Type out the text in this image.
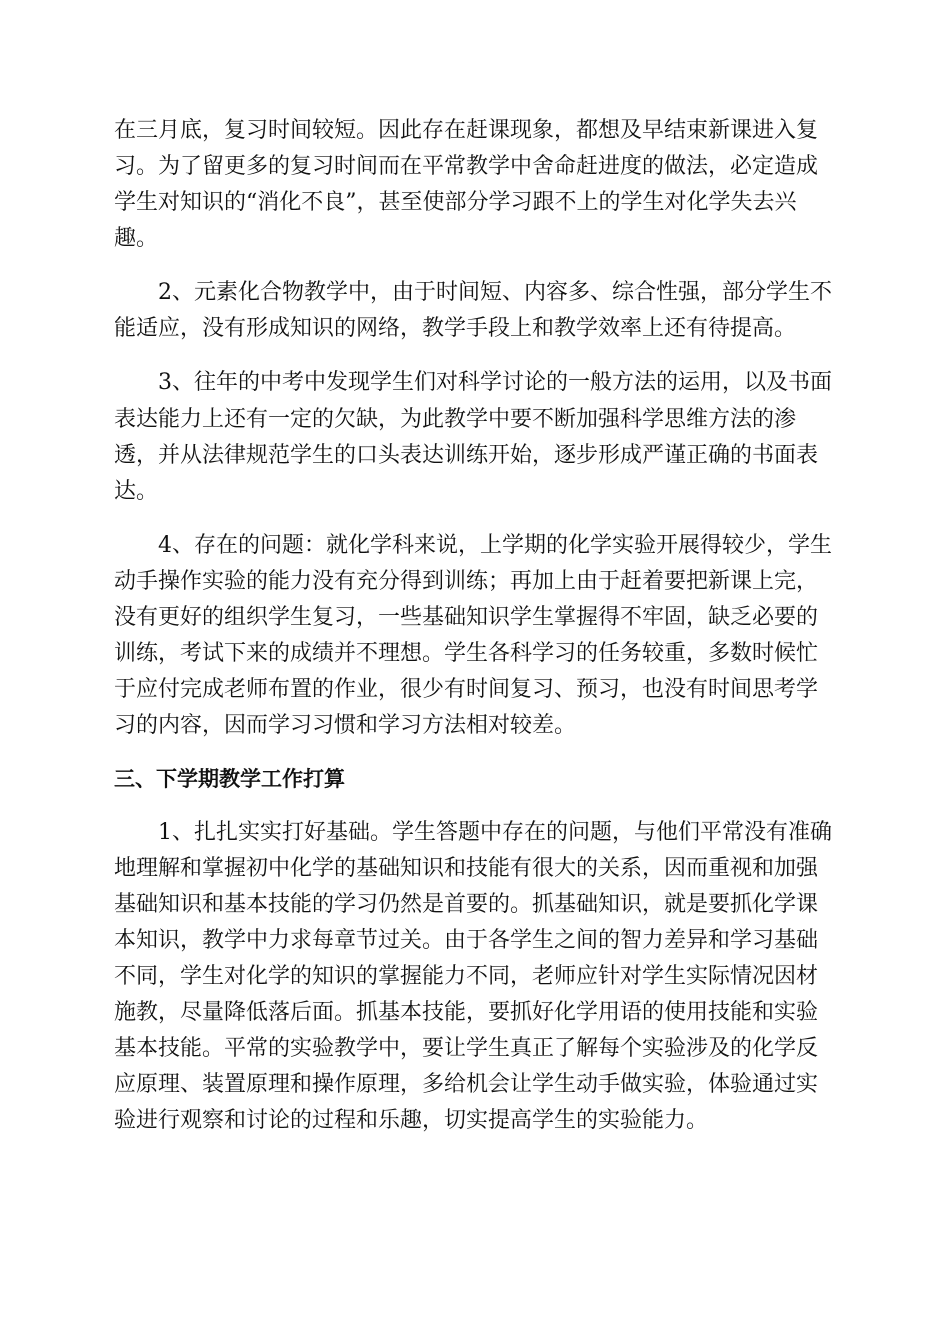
在三月底，复习时间较短。因此存在赶课现象，都想及早结束新课进入复习。为了留更多的复习时间而在平常教学中舍命赶进度的做法，必定造成学生对知识的“消化不良”，甚至使部分学习跟不上的学生对化学失去兴趣。

2、元素化合物教学中，由于时间短、内容多、综合性强，部分学生不能适应，没有形成知识的网络，教学手段上和教学效率上还有待提高。

3、往年的中考中发现学生们对科学讨论的一般方法的运用，以及书面表达能力上还有一定的欠缺，为此教学中要不断加强科学思维方法的渗透，并从法律规范学生的口头表达训练开始，逐步形成严谨正确的书面表达。

4、存在的问题：就化学科来说，上学期的化学实验开展得较少，学生动手操作实验的能力没有充分得到训练；再加上由于赶着要把新课上完，没有更好的组织学生复习，一些基础知识学生掌握得不牢固，缺乏必要的训练，考试下来的成绩并不理想。学生各科学习的任务较重，多数时候忙于应付完成老师布置的作业，很少有时间复习、预习，也没有时间思考学习的内容，因而学习习惯和学习方法相对较差。

三、下学期教学工作打算

1、扎扎实实打好基础。学生答题中存在的问题，与他们平常没有准确地理解和掌握初中化学的基础知识和技能有很大的关系，因而重视和加强基础知识和基本技能的学习仍然是首要的。抓基础知识，就是要抓化学课本知识，教学中力求每章节过关。由于各学生之间的智力差异和学习基础不同，学生对化学的知识的掌握能力不同，老师应针对学生实际情况因材施教，尽量降低落后面。抓基本技能，要抓好化学用语的使用技能和实验基本技能。平常的实验教学中，要让学生真正了解每个实验涉及的化学反应原理、装置原理和操作原理，多给机会让学生动手做实验，体验通过实验进行观察和讨论的过程和乐趣，切实提高学生的实验能力。
